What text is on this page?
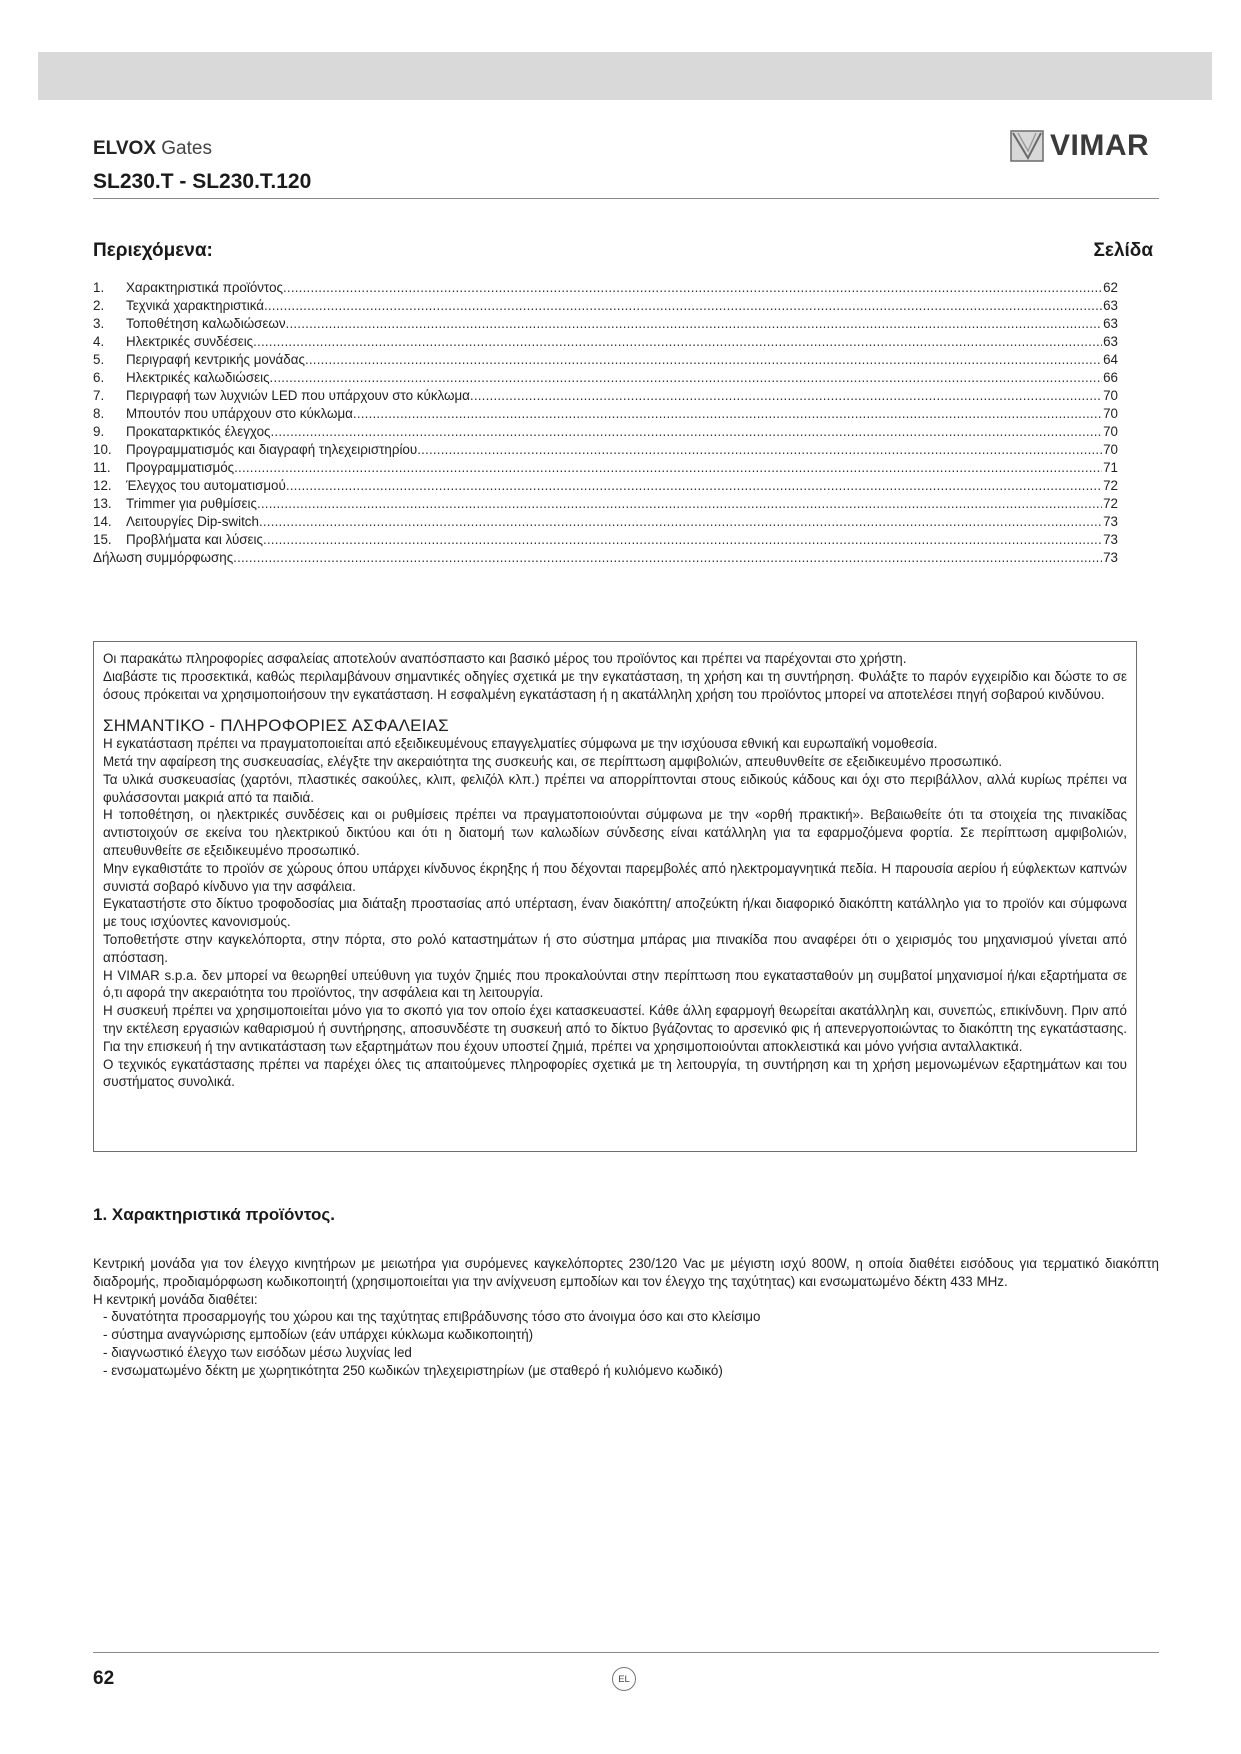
ELVOX Gates
SL230.T - SL230.T.120
VIMAR
Περιεχόμενα:	Σελίδα
1.	Χαρακτηριστικά προϊόντος .....	62
2.	Τεχνικά χαρακτηριστικά .....	63
3.	Τοποθέτηση καλωδιώσεων .....	63
4.	Ηλεκτρικές συνδέσεις .....	63
5.	Περιγραφή κεντρικής μονάδας .....	64
6.	Ηλεκτρικές καλωδιώσεις .....	66
7.	Περιγραφή των λυχνιών LED που υπάρχουν στο κύκλωμα .....	70
8.	Μπουτόν που υπάρχουν στο κύκλωμα .....	70
9.	Προκαταρκτικός έλεγχος .....	70
10.	Προγραμματισμός και διαγραφή τηλεχειριστηρίου .....	70
11.	Προγραμματισμός .....	71
12.	Έλεγχος του αυτοματισμού .....	72
13.	Trimmer για ρυθμίσεις .....	72
14.	Λειτουργίες Dip-switch .....	73
15.	Προβλήματα και λύσεις .....	73
Δήλωση συμμόρφωσης .....	73

Οι παρακάτω πληροφορίες ασφαλείας αποτελούν αναπόσπαστο και βασικό μέρος του προϊόντος και πρέπει να παρέχονται στο χρήστη.

Διαβάστε τις προσεκτικά, καθώς περιλαμβάνουν σημαντικές οδηγίες σχετικά με την εγκατάσταση, τη χρήση και τη συντήρηση. Φυλάξτε το παρόν εγχειρίδιο και δώστε το σε όσους πρόκειται να χρησιμοποιήσουν την εγκατάσταση. Η εσφαλμένη εγκατάσταση ή η ακατάλληλη χρήση του προϊόντος μπορεί να αποτελέσει πηγή σοβαρού κινδύνου.

ΣΗΜΑΝΤΙΚΟ - ΠΛΗΡΟΦΟΡΙΕΣ ΑΣΦΑΛΕΙΑΣ

Η εγκατάσταση πρέπει να πραγματοποιείται από εξειδικευμένους επαγγελματίες σύμφωνα με την ισχύουσα εθνική και ευρωπαϊκή νομοθεσία.

Μετά την αφαίρεση της συσκευασίας, ελέγξτε την ακεραιότητα της συσκευής και, σε περίπτωση αμφιβολιών, απευθυνθείτε σε εξειδικευμένο προσωπικό.

Τα υλικά συσκευασίας (χαρτόνι, πλαστικές σακούλες, κλιπ, φελιζόλ κλπ.) πρέπει να απορρίπτονται στους ειδικούς κάδους και όχι στο περιβάλλον, αλλά κυρίως πρέπει να φυλάσσονται μακριά από τα παιδιά.

Η τοποθέτηση, οι ηλεκτρικές συνδέσεις και οι ρυθμίσεις πρέπει να πραγματοποιούνται σύμφωνα με την «ορθή πρακτική». Βεβαιωθείτε ότι τα στοιχεία της πινακίδας αντιστοιχούν σε εκείνα του ηλεκτρικού δικτύου και ότι η διατομή των καλωδίων σύνδεσης είναι κατάλληλη για τα εφαρμοζόμενα φορτία. Σε περίπτωση αμφιβολιών, απευθυνθείτε σε εξειδικευμένο προσωπικό.

Μην εγκαθιστάτε το προϊόν σε χώρους όπου υπάρχει κίνδυνος έκρηξης ή που δέχονται παρεμβολές από ηλεκτρομαγνητικά πεδία. Η παρουσία αερίου ή εύφλεκτων καπνών συνιστά σοβαρό κίνδυνο για την ασφάλεια.

Εγκαταστήστε στο δίκτυο τροφοδοσίας μια διάταξη προστασίας από υπέρταση, έναν διακόπτη/ αποζεύκτη ή/και διαφορικό διακόπτη κατάλληλο για το προϊόν και σύμφωνα με τους ισχύοντες κανονισμούς.

Τοποθετήστε στην καγκελόπορτα, στην πόρτα, στο ρολό καταστημάτων ή στο σύστημα μπάρας μια πινακίδα που αναφέρει ότι ο χειρισμός του μηχανισμού γίνεται από απόσταση.

Η VIMAR s.p.a. δεν μπορεί να θεωρηθεί υπεύθυνη για τυχόν ζημιές που προκαλούνται στην περίπτωση που εγκατασταθούν μη συμβατοί μηχανισμοί ή/και εξαρτήματα σε ό,τι αφορά την ακεραιότητα του προϊόντος, την ασφάλεια και τη λειτουργία.

Η συσκευή πρέπει να χρησιμοποιείται μόνο για το σκοπό για τον οποίο έχει κατασκευαστεί. Κάθε άλλη εφαρμογή θεωρείται ακατάλληλη και, συνεπώς, επικίνδυνη. Πριν από την εκτέλεση εργασιών καθαρισμού ή συντήρησης, αποσυνδέστε τη συσκευή από το δίκτυο βγάζοντας το αρσενικό φις ή απενεργοποιώντας το διακόπτη της εγκατάστασης. Για την επισκευή ή την αντικατάσταση των εξαρτημάτων που έχουν υποστεί ζημιά, πρέπει να χρησιμοποιούνται αποκλειστικά και μόνο γνήσια ανταλλακτικά.

Ο τεχνικός εγκατάστασης πρέπει να παρέχει όλες τις απαιτούμενες πληροφορίες σχετικά με τη λειτουργία, τη συντήρηση και τη χρήση μεμονωμένων εξαρτημάτων και του συστήματος συνολικά.

1. Χαρακτηριστικά προϊόντος.

Κεντρική μονάδα για τον έλεγχο κινητήρων με μειωτήρα για συρόμενες καγκελόπορτες 230/120 Vac με μέγιστη ισχύ 800W, η οποία διαθέτει εισόδους για τερματικό διακόπτη διαδρομής, προδιαμόρφωση κωδικοποιητή (χρησιμοποιείται για την ανίχνευση εμποδίων και τον έλεγχο της ταχύτητας) και ενσωματωμένο δέκτη 433 MHz.

Η κεντρική μονάδα διαθέτει:

- δυνατότητα προσαρμογής του χώρου και της ταχύτητας επιβράδυνσης τόσο στο άνοιγμα όσο και στο κλείσιμο
- σύστημα αναγνώρισης εμποδίων (εάν υπάρχει κύκλωμα κωδικοποιητή)
- διαγνωστικό έλεγχο των εισόδων μέσω λυχνίας led
- ενσωματωμένο δέκτη με χωρητικότητα 250 κωδικών τηλεχειριστηρίων (με σταθερό ή κυλιόμενο κωδικό)
62	EL
